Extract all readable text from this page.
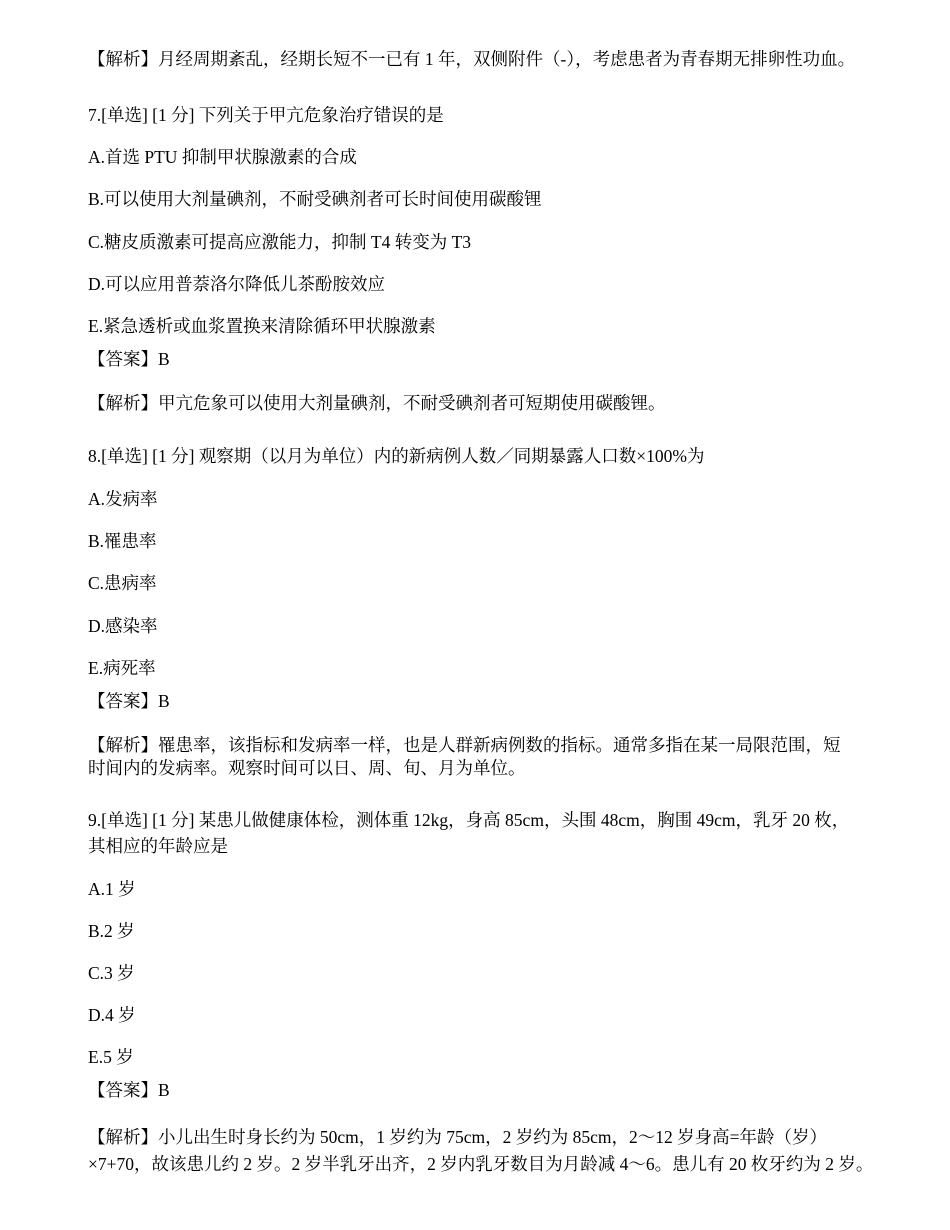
【解析】月经周期紊乱，经期长短不一已有 1 年，双侧附件（-），考虑患者为青春期无排卵性功血。
7.[单选] [1 分] 下列关于甲亢危象治疗错误的是
A.首选 PTU 抑制甲状腺激素的合成
B.可以使用大剂量碘剂，不耐受碘剂者可长时间使用碳酸锂
C.糖皮质激素可提高应激能力，抑制 T4 转变为 T3
D.可以应用普萘洛尔降低儿茶酚胺效应
E.紧急透析或血浆置换来清除循环甲状腺激素
【答案】B
【解析】甲亢危象可以使用大剂量碘剂，不耐受碘剂者可短期使用碳酸锂。
8.[单选] [1 分] 观察期（以月为单位）内的新病例人数／同期暴露人口数×100%为
A.发病率
B.罹患率
C.患病率
D.感染率
E.病死率
【答案】B
【解析】罹患率，该指标和发病率一样，也是人群新病例数的指标。通常多指在某一局限范围，短
时间内的发病率。观察时间可以日、周、旬、月为单位。
9.[单选] [1 分] 某患儿做健康体检，测体重 12kg，身高 85cm，头围 48cm，胸围 49cm，乳牙 20 枚，
其相应的年龄应是
A.1 岁
B.2 岁
C.3 岁
D.4 岁
E.5 岁
【答案】B
【解析】小儿出生时身长约为 50cm，1 岁约为 75cm，2 岁约为 85cm，2～12 岁身高=年龄（岁）
×7+70，故该患儿约 2 岁。2 岁半乳牙出齐，2 岁内乳牙数目为月龄减 4～6。患儿有 20 枚牙约为 2 岁。
